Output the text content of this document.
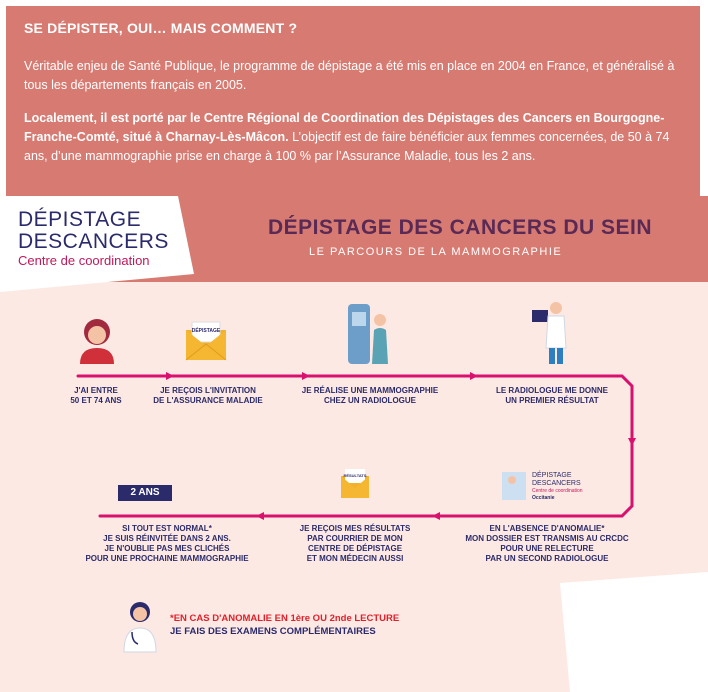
SE DÉPISTER, OUI… MAIS COMMENT ?

Véritable enjeu de Santé Publique, le programme de dépistage a été mis en place en 2004 en France, et généralisé à tous les départements français en 2005.

Localement, il est porté par le Centre Régional de Coordination des Dépistages des Cancers en Bourgogne-Franche-Comté, situé à Charnay-Lès-Mâcon. L’objectif est de faire bénéficier aux femmes concernées, de 50 à 74 ans, d’une mammographie prise en charge à 100 % par l’Assurance Maladie, tous les 2 ans.

DÉPISTAGE
DESCANCERS
Centre de coordination
DÉPISTAGE DES CANCERS DU SEIN
LE PARCOURS DE LA MAMMOGRAPHIE
DÉPISTAGE
DÉPISTAGE
DESCANCERS
Centre de coordination
Occitanie
RÉSULTATS
2 ANS
J'AI ENTRE
50 ET 74 ANS
JE REÇOIS L'INVITATION
DE L'ASSURANCE MALADIE
JE RÉALISE UNE MAMMOGRAPHIE
CHEZ UN RADIOLOGUE
LE RADIOLOGUE ME DONNE
UN PREMIER RÉSULTAT
EN L'ABSENCE D'ANOMALIE*
MON DOSSIER EST TRANSMIS AU CRCDC
POUR UNE RELECTURE
PAR UN SECOND RADIOLOGUE
JE REÇOIS MES RÉSULTATS
PAR COURRIER DE MON
CENTRE DE DÉPISTAGE
ET MON MÉDECIN AUSSI
SI TOUT EST NORMAL*
JE SUIS RÉINVITÉE DANS 2 ANS.
JE N'OUBLIE PAS MES CLICHÉS
POUR UNE PROCHAINE MAMMOGRAPHIE
*EN CAS D'ANOMALIE EN 1ère OU 2nde LECTURE
JE FAIS DES EXAMENS COMPLÉMENTAIRES
